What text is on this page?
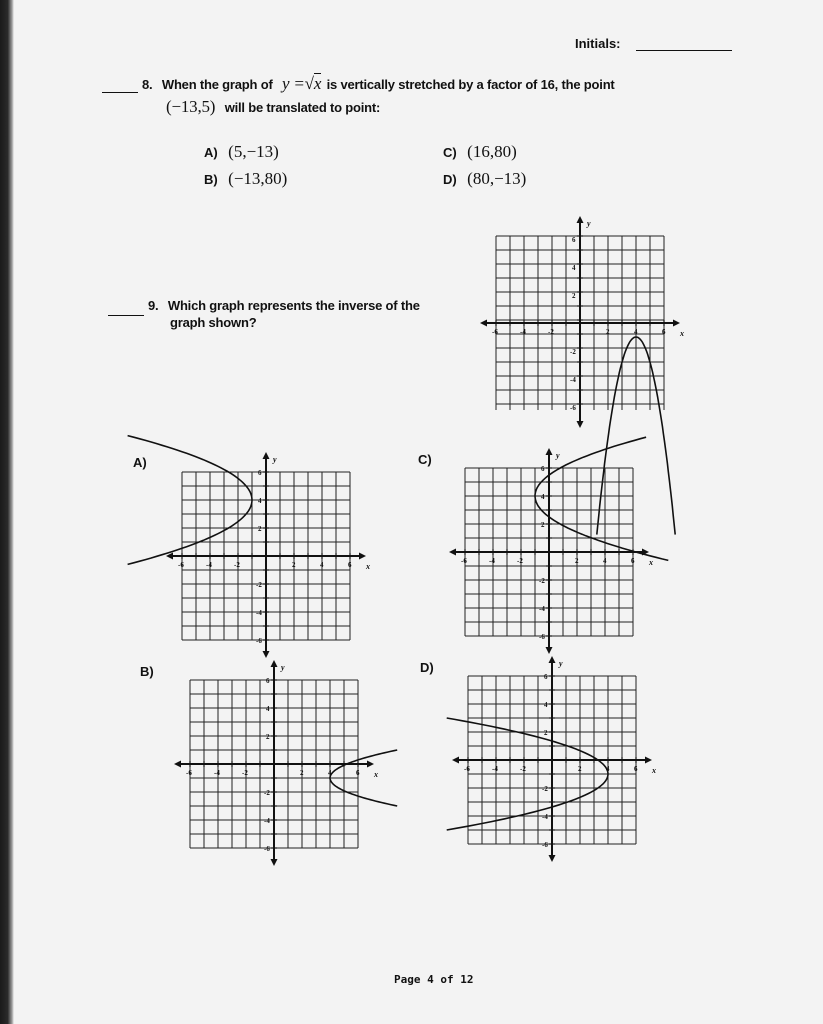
Initials:
8. When the graph of y =√x is vertically stretched by a factor of 16, the point
(−13,5) will be translated to point:
A) (5,−13)
B) (−13,80)
C) (16,80)
D) (80,−13)
9. Which graph represents the inverse of the
graph shown?
A)	C)
B)	D)
6
4
2
-2
-4
-6
-6	-4	-2	2	4	6 x
y
6
4
2
-2
-4
-6
-6	-4	-2	2	4	6 x
y
6
4
2
-2
-4
-6
-6	-4	-2	2	4	6 x
y
6
4
2
-2
-4
-6
-6	-4	-2	2	4	6 x
y
6
4
2
-2
-4
-6
-6	-4	-2	2	4	6 x
y
Page 4 of 12
